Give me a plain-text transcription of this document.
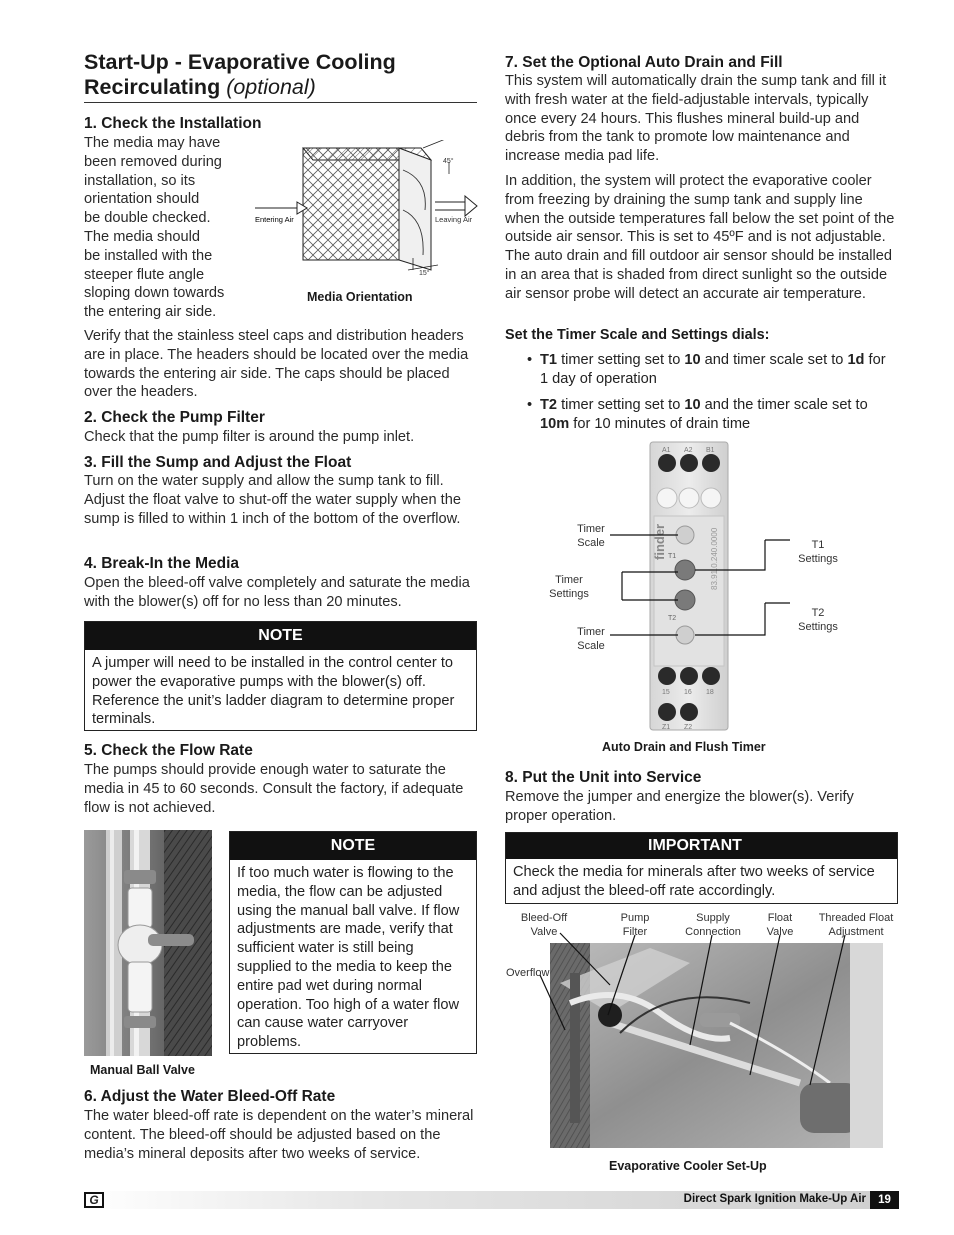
Start-Up - Evaporative Cooling Recirculating (optional)
1. Check the Installation

The media may have
been removed during
installation, so its
orientation should
be double checked.
The media should
be installed with the
steeper flute angle
sloping down towards
the entering air side.

Entering Air	Leaving Air
45°
15°
Media Orientation

Verify that the stainless steel caps and distribution headers are in place. The headers should be located over the media towards the entering air side. The caps should be placed over the headers.

2. Check the Pump Filter

Check that the pump filter is around the pump inlet.

3. Fill the Sump and Adjust the Float

Turn on the water supply and allow the sump tank to fill. Adjust the float valve to shut-off the water supply when the sump is filled to within 1 inch of the bottom of the overflow.

4. Break-In the Media

Open the bleed-off valve completely and saturate the media with the blower(s) off for no less than 20 minutes.

NOTE
A jumper will need to be installed in the control center to power the evaporative pumps with the blower(s) off. Reference the unit’s ladder diagram to determine proper terminals.
5. Check the Flow Rate

The pumps should provide enough water to saturate the media in 45 to 60 seconds. Consult the factory, if adequate flow is not achieved.

Manual Ball Valve
NOTE
If too much water is flowing to the media, the flow can be adjusted using the manual ball valve. If flow adjustments are made, verify that sufficient water is still being supplied to the media to keep the entire pad wet during normal operation. Too high of a water flow can cause water carryover problems.
6. Adjust the Water Bleed-Off Rate

The water bleed-off rate is dependent on the water’s mineral content. The bleed-off should be adjusted based on the media’s mineral deposits after two weeks of service.

7. Set the Optional Auto Drain and Fill

This system will automatically drain the sump tank and fill it with fresh water at the field-adjustable intervals, typically once every 24 hours. This flushes mineral build-up and debris from the tank to promote low maintenance and increase media pad life.

In addition, the system will protect the evaporative cooler from freezing by draining the sump tank and supply line when the outside temperatures fall below the set point of the outside air sensor. This is set to 45ºF and is not adjustable. The auto drain and fill outdoor air sensor should be installed in an area that is shaded from direct sunlight so the outside air sensor probe will detect an accurate air temperature.

Set the Timer Scale and Settings dials:
• T1 timer setting set to 10 and timer scale set to 1d for 1 day of operation
• T2 timer setting set to 10 and the timer scale set to 10m for 10 minutes of drain time
A1 A2 B1
finder	83.91.0.240.0000
T1
T2
15 16 18
Z1 Z2
Timer Scale
Timer Settings
Timer Scale
T1 Settings
T2 Settings
Auto Drain and Flush Timer
8. Put the Unit into Service

Remove the jumper and energize the blower(s). Verify proper operation.

IMPORTANT
Check the media for minerals after two weeks of service and adjust the bleed-off rate accordingly.
Bleed-Off Valve
Pump Filter
Supply Connection
Float Valve
Threaded Float Adjustment
Overflow
Evaporative Cooler Set-Up
G	Direct Spark Ignition Make-Up Air	19
